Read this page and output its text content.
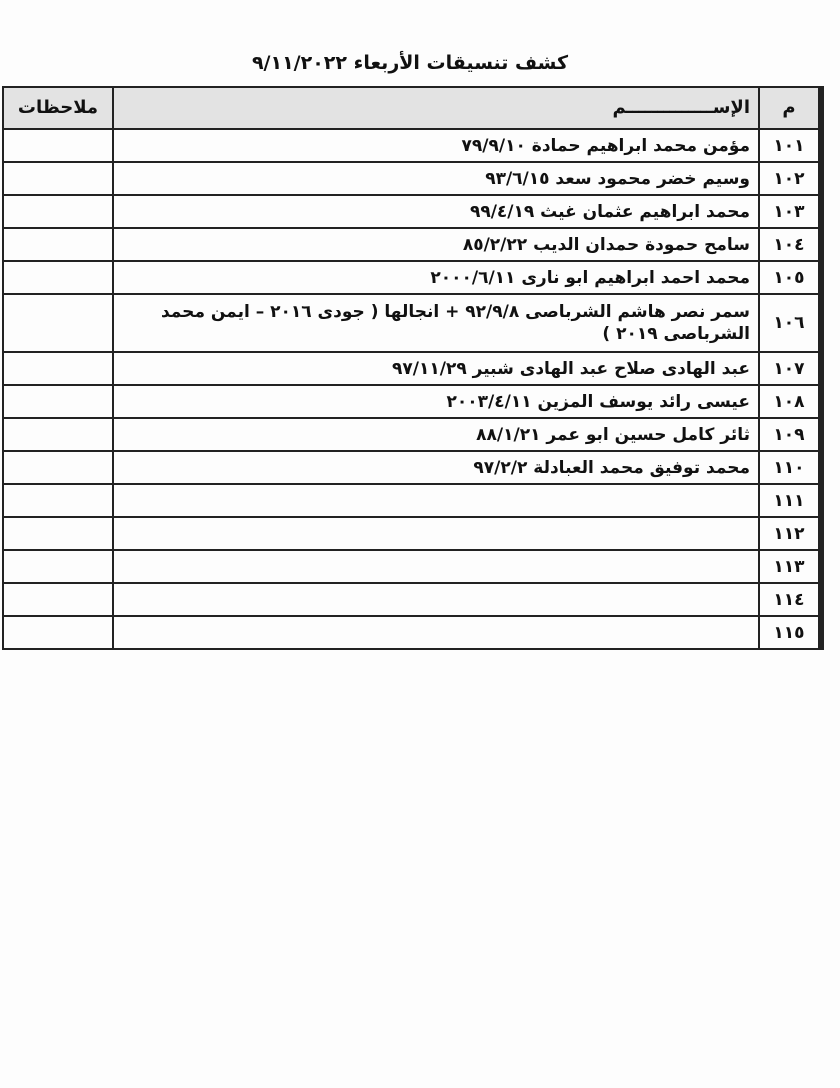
كشف تنسيقات الأربعاء ٩/١١/٢٠٢٢
م	الإســــــــــــــم	ملاحظات
١٠١	مؤمن محمد ابراهيم حمادة ٧٩/٩/١٠	
١٠٢	وسيم خضر محمود سعد ٩٣/٦/١٥	
١٠٣	محمد ابراهيم عثمان غيث ٩٩/٤/١٩	
١٠٤	سامح حمودة حمدان الديب ٨٥/٢/٢٢	
١٠٥	محمد احمد ابراهيم ابو نارى ٢٠٠٠/٦/١١	
١٠٦	سمر نصر هاشم الشرباصى ٩٢/٩/٨ + انجالها ( جودى ٢٠١٦ – ايمن محمد الشرباصى ٢٠١٩ )	
١٠٧	عبد الهادى صلاح عبد الهادى شبير ٩٧/١١/٢٩	
١٠٨	عيسى رائد يوسف المزين ٢٠٠٣/٤/١١	
١٠٩	ثائر كامل حسين ابو عمر ٨٨/١/٢١	
١١٠	محمد توفيق محمد العبادلة ٩٧/٢/٢	
١١١		
١١٢		
١١٣		
١١٤		
١١٥		
